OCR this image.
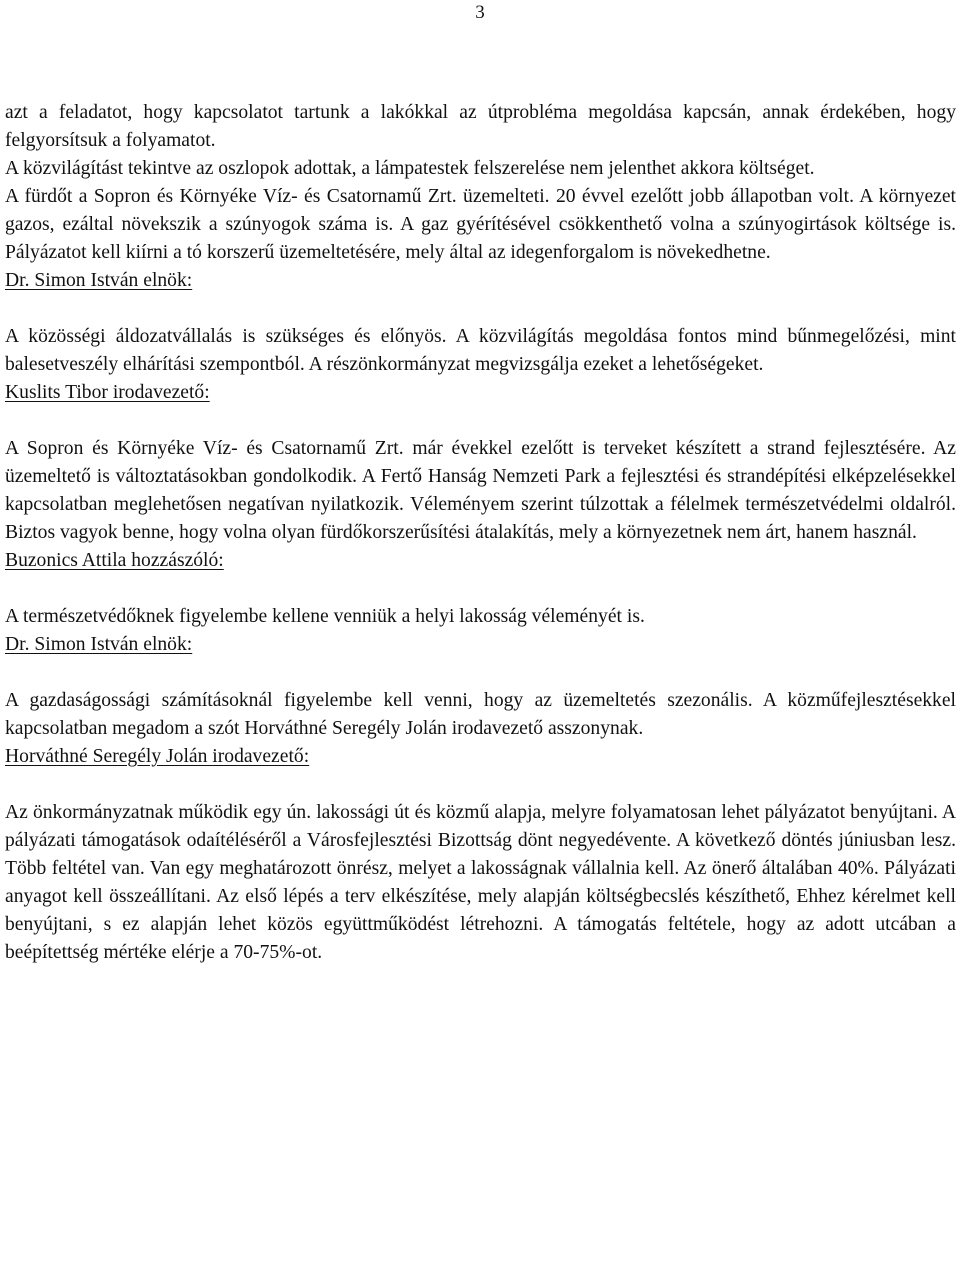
3

azt a feladatot, hogy kapcsolatot tartunk a lakókkal az útprobléma megoldása kapcsán, annak érdekében, hogy felgyorsítsuk a folyamatot.

A közvilágítást tekintve az oszlopok adottak, a lámpatestek felszerelése nem jelenthet akkora költséget.

A fürdőt a Sopron és Környéke Víz- és Csatornamű Zrt. üzemelteti. 20 évvel ezelőtt jobb állapotban volt. A környezet gazos, ezáltal növekszik a szúnyogok száma is. A gaz gyérítésével csökkenthető volna a szúnyogirtások költsége is. Pályázatot kell kiírni a tó korszerű üzemeltetésére, mely által az idegenforgalom is növekedhetne.

Dr. Simon István elnök:

A közösségi áldozatvállalás is szükséges és előnyös. A közvilágítás megoldása fontos mind bűnmegelőzési, mint balesetveszély elhárítási szempontból. A részönkormányzat megvizsgálja ezeket a lehetőségeket.

Kuslits Tibor irodavezető:

A Sopron és Környéke Víz- és Csatornamű Zrt. már évekkel ezelőtt is terveket készített a strand fejlesztésére. Az üzemeltető is változtatásokban gondolkodik. A Fertő Hanság Nemzeti Park a fejlesztési és strandépítési elképzelésekkel kapcsolatban meglehetősen negatívan nyilatkozik. Véleményem szerint túlzottak a félelmek természetvédelmi oldalról. Biztos vagyok benne, hogy volna olyan fürdőkorszerűsítési átalakítás, mely a környezetnek nem árt, hanem használ.

Buzonics Attila hozzászóló:

A természetvédőknek figyelembe kellene venniük a helyi lakosság véleményét is.

Dr. Simon István elnök:

A gazdaságossági számításoknál figyelembe kell venni, hogy az üzemeltetés szezonális. A közműfejlesztésekkel kapcsolatban megadom a szót Horváthné Seregély Jolán irodavezető asszonynak.

Horváthné Seregély Jolán irodavezető:

Az önkormányzatnak működik egy ún. lakossági út és közmű alapja, melyre folyamatosan lehet pályázatot benyújtani. A pályázati támogatások odaítéléséről a Városfejlesztési Bizottság dönt negyedévente. A következő döntés júniusban lesz. Több feltétel van. Van egy meghatározott önrész, melyet a lakosságnak vállalnia kell. Az önerő általában 40%. Pályázati anyagot kell összeállítani. Az első lépés a terv elkészítése, mely alapján költségbecslés készíthető, Ehhez kérelmet kell benyújtani, s ez alapján lehet közös együttműködést létrehozni. A támogatás feltétele, hogy az adott utcában a beépítettség mértéke elérje a 70-75%-ot.
